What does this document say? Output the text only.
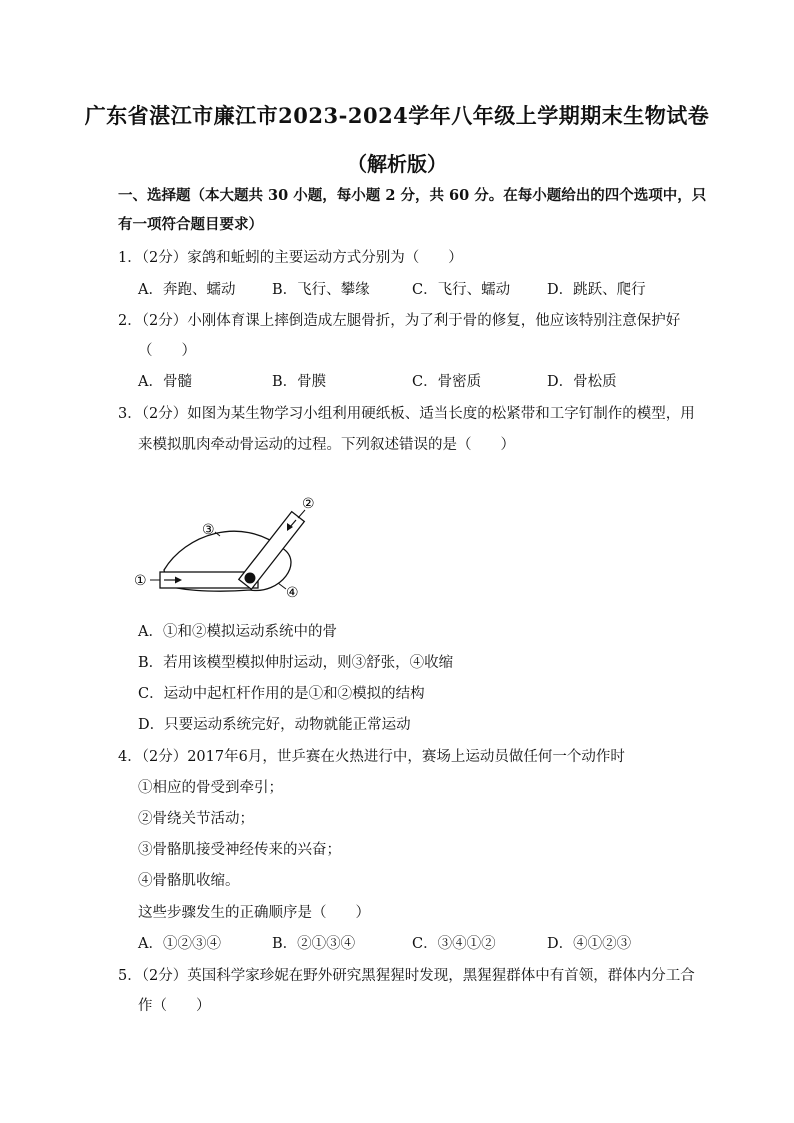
广东省湛江市廉江市2023-2024学年八年级上学期期末生物试卷
（解析版）
一、选择题（本大题共 30 小题，每小题 2 分，共 60 分。在每小题给出的四个选项中，只
有一项符合题目要求）
1．（2分）家鸽和蚯蚓的主要运动方式分别为（　　）
A．奔跑、蠕动	B．飞行、攀缘	C．飞行、蠕动	D．跳跃、爬行
2．（2分）小刚体育课上摔倒造成左腿骨折，为了利于骨的修复，他应该特别注意保护好
（　　）
A．骨髓	B．骨膜	C．骨密质	D．骨松质
3．（2分）如图为某生物学习小组利用硬纸板、适当长度的松紧带和工字钉制作的模型，用
来模拟肌肉牵动骨运动的过程。下列叙述错误的是（　　）
①
②
③
④
A．①和②模拟运动系统中的骨
B．若用该模型模拟伸肘运动，则③舒张，④收缩
C．运动中起杠杆作用的是①和②模拟的结构
D．只要运动系统完好，动物就能正常运动
4．（2分）2017年6月，世乒赛在火热进行中，赛场上运动员做任何一个动作时
①相应的骨受到牵引；
②骨绕关节活动；
③骨骼肌接受神经传来的兴奋；
④骨骼肌收缩。
这些步骤发生的正确顺序是（　　）
A．①②③④	B．②①③④	C．③④①②	D．④①②③
5．（2分）英国科学家珍妮在野外研究黑猩猩时发现，黑猩猩群体中有首领，群体内分工合
作（　　）
